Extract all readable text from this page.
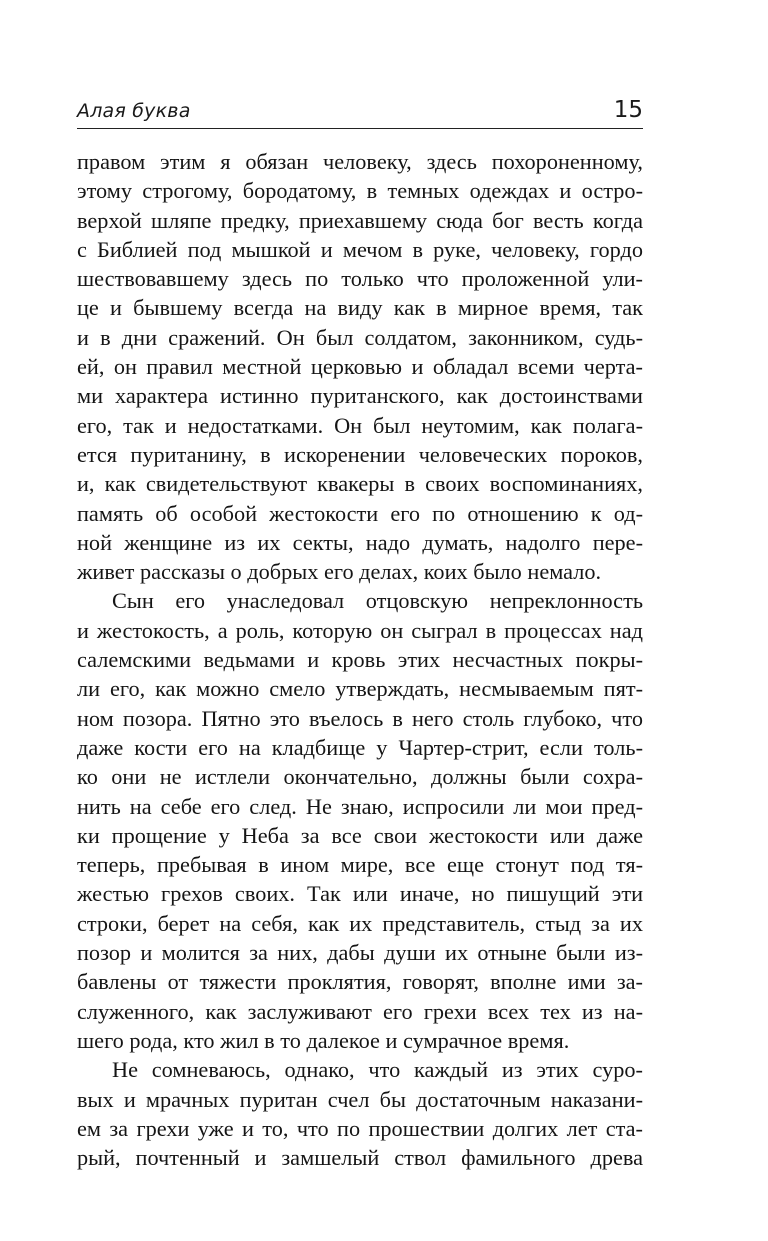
Алая буква	15
правом этим я обязан человеку, здесь похороненному,
этому строгому, бородатому, в темных одеждах и остро-
верхой шляпе предку, приехавшему сюда бог весть когда
с Библией под мышкой и мечом в руке, человеку, гордо
шествовавшему здесь по только что проложенной ули-
це и бывшему всегда на виду как в мирное время, так
и в дни сражений. Он был солдатом, законником, судь-
ей, он правил местной церковью и обладал всеми черта-
ми характера истинно пуританского, как достоинствами
его, так и недостатками. Он был неутомим, как полага-
ется пуританину, в искоренении человеческих пороков,
и, как свидетельствуют квакеры в своих воспоминаниях,
память об особой жестокости его по отношению к од-
ной женщине из их секты, надо думать, надолго пере-
живет рассказы о добрых его делах, коих было немало.
Сын его унаследовал отцовскую непреклонность
и жестокость, а роль, которую он сыграл в процессах над
салемскими ведьмами и кровь этих несчастных покры-
ли его, как можно смело утверждать, несмываемым пят-
ном позора. Пятно это въелось в него столь глубоко, что
даже кости его на кладбище у Чартер-стрит, если толь-
ко они не истлели окончательно, должны были сохра-
нить на себе его след. Не знаю, испросили ли мои пред-
ки прощение у Неба за все свои жестокости или даже
теперь, пребывая в ином мире, все еще стонут под тя-
жестью грехов своих. Так или иначе, но пишущий эти
строки, берет на себя, как их представитель, стыд за их
позор и молится за них, дабы души их отныне были из-
бавлены от тяжести проклятия, говорят, вполне ими за-
служенного, как заслуживают его грехи всех тех из на-
шего рода, кто жил в то далекое и сумрачное время.
Не сомневаюсь, однако, что каждый из этих суро-
вых и мрачных пуритан счел бы достаточным наказани-
ем за грехи уже и то, что по прошествии долгих лет ста-
рый, почтенный и замшелый ствол фамильного древа
